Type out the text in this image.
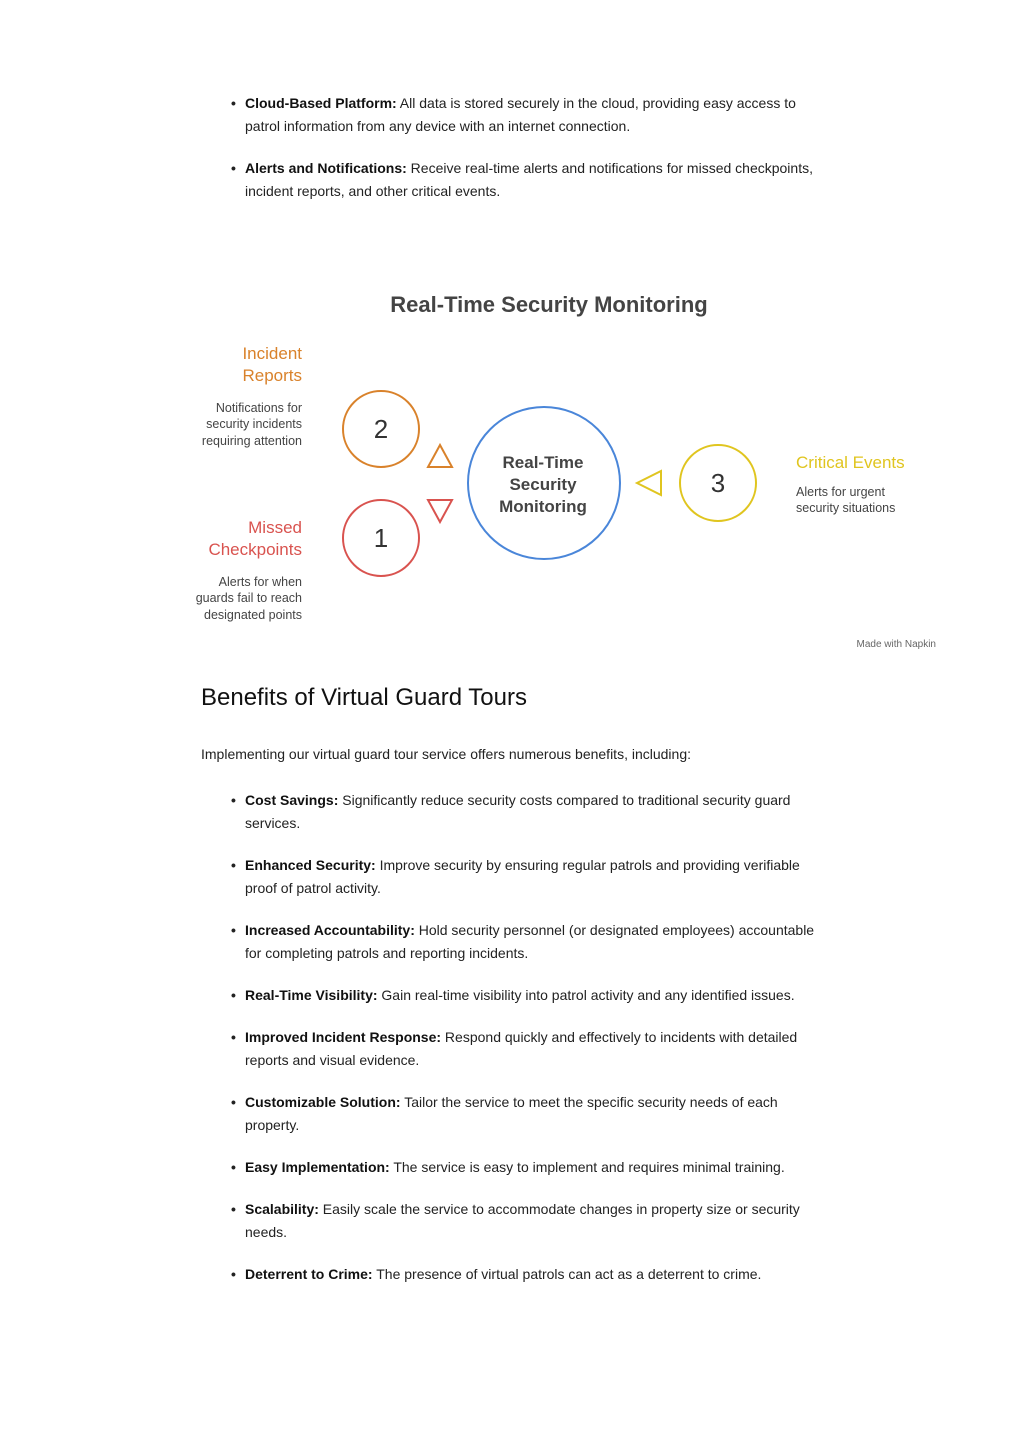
• Cloud-Based Platform: All data is stored securely in the cloud, providing easy access to patrol information from any device with an internet connection.
• Alerts and Notifications: Receive real-time alerts and notifications for missed checkpoints, incident reports, and other critical events.
Real-Time Security Monitoring
Incident
Reports
Notifications for
security incidents
requiring attention	2
Missed
Checkpoints
Alerts for when
guards fail to reach
designated points
1
Real-Time
Security
Monitoring
3
Critical Events
Alerts for urgent
security situations
Made with Napkin
Benefits of Virtual Guard Tours

Implementing our virtual guard tour service offers numerous benefits, including:

• Cost Savings: Significantly reduce security costs compared to traditional security guard services.
• Enhanced Security: Improve security by ensuring regular patrols and providing verifiable proof of patrol activity.
• Increased Accountability: Hold security personnel (or designated employees) accountable for completing patrols and reporting incidents.
• Real-Time Visibility: Gain real-time visibility into patrol activity and any identified issues.
• Improved Incident Response: Respond quickly and effectively to incidents with detailed reports and visual evidence.
• Customizable Solution: Tailor the service to meet the specific security needs of each property.
• Easy Implementation: The service is easy to implement and requires minimal training.
• Scalability: Easily scale the service to accommodate changes in property size or security needs.
• Deterrent to Crime: The presence of virtual patrols can act as a deterrent to crime.
